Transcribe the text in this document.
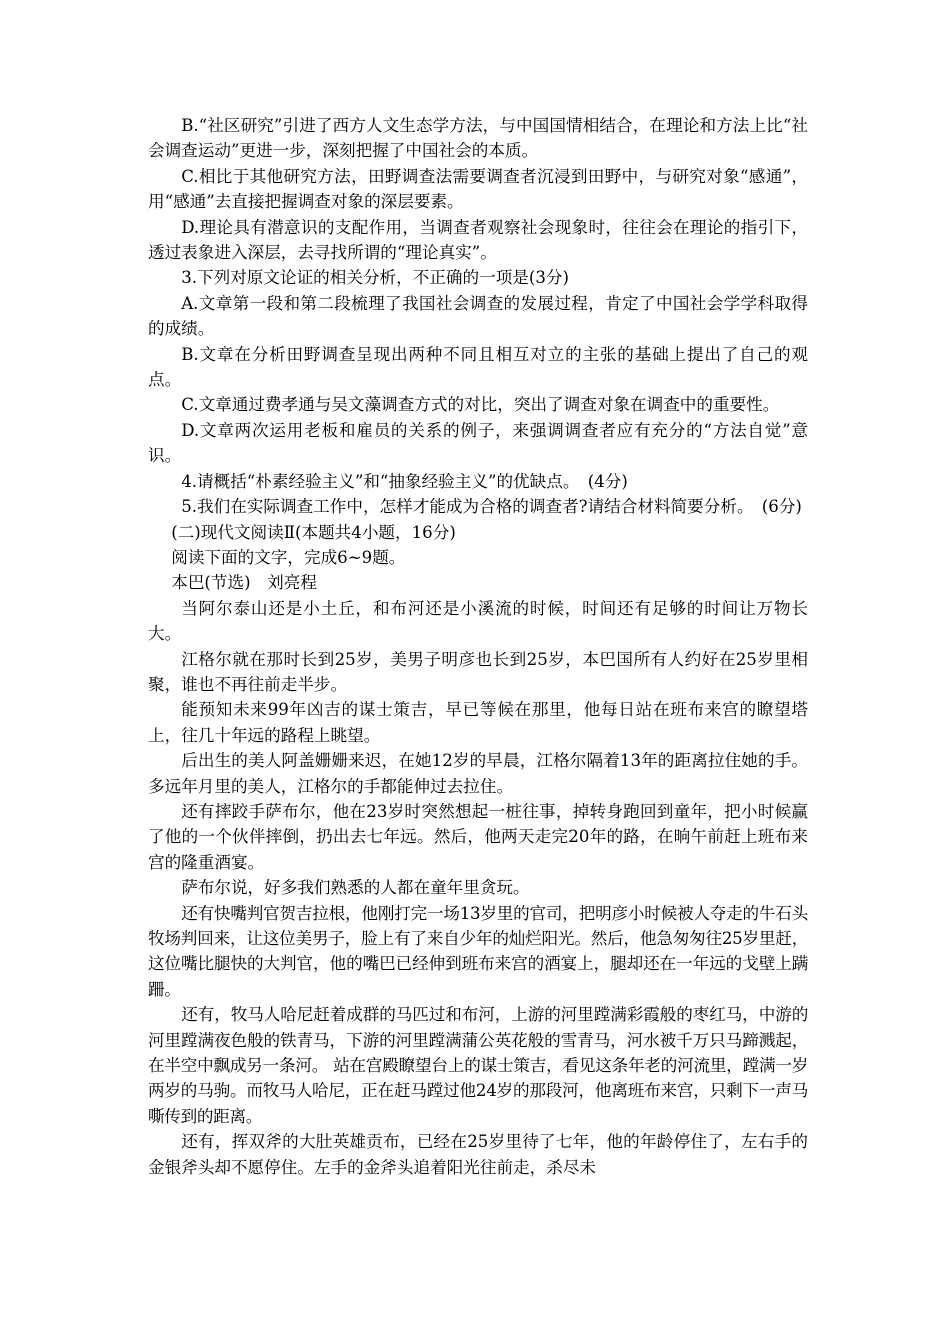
B.“社区研究”引进了西方人文生态学方法，与中国国情相结合，在理论和方法上比“社会调查运动”更进一步，深刻把握了中国社会的本质。

C.相比于其他研究方法，田野调查法需要调查者沉浸到田野中，与研究对象“感通”，用“感通”去直接把握调查对象的深层要素。

D.理论具有潜意识的支配作用，当调查者观察社会现象时，往往会在理论的指引下，透过表象进入深层，去寻找所谓的“理论真实”。

3.下列对原文论证的相关分析，不正确的一项是(3分)

A.文章第一段和第二段梳理了我国社会调查的发展过程，肯定了中国社会学学科取得的成绩。

B.文章在分析田野调查呈现出两种不同且相互对立的主张的基础上提出了自己的观点。

C.文章通过费孝通与吴文藻调查方式的对比，突出了调查对象在调查中的重要性。

D.文章两次运用老板和雇员的关系的例子，来强调调查者应有充分的“方法自觉”意识。

4.请概括“朴素经验主义”和“抽象经验主义”的优缺点。　(4分)

5.我们在实际调查工作中，怎样才能成为合格的调查者?请结合材料简要分析。　(6分)

(二)现代文阅读Ⅱ(本题共4小题，16分)

阅读下面的文字，完成6~9题。

本巴(节选)　刘亮程

当阿尔泰山还是小土丘，和布河还是小溪流的时候，时间还有足够的时间让万物长大。

江格尔就在那时长到25岁，美男子明彦也长到25岁，本巴国所有人约好在25岁里相聚，谁也不再往前走半步。

能预知未来99年凶吉的谋士策吉，早已等候在那里，他每日站在班布来宫的瞭望塔上，往几十年远的路程上眺望。

后出生的美人阿盖姗姗来迟，在她12岁的早晨，江格尔隔着13年的距离拉住她的手。 多远年月里的美人，江格尔的手都能伸过去拉住。

还有摔跤手萨布尔，他在23岁时突然想起一桩往事，掉转身跑回到童年，把小时候赢了他的一个伙伴摔倒，扔出去七年远。然后，他两天走完20年的路，在晌午前赶上班布来宫的隆重酒宴。

萨布尔说，好多我们熟悉的人都在童年里贪玩。

还有快嘴判官贺吉拉根，他刚打完一场13岁里的官司，把明彦小时候被人夺走的牛石头牧场判回来，让这位美男子，脸上有了来自少年的灿烂阳光。然后，他急匆匆往25岁里赶，这位嘴比腿快的大判官，他的嘴巴已经伸到班布来宫的酒宴上，腿却还在一年远的戈壁上蹒跚。

还有，牧马人哈尼赶着成群的马匹过和布河，上游的河里蹚满彩霞般的枣红马，中游的河里蹚满夜色般的铁青马，下游的河里蹚满蒲公英花般的雪青马，河水被千万只马蹄溅起，在半空中飘成另一条河。 站在宫殿瞭望台上的谋士策吉，看见这条年老的河流里，蹚满一岁两岁的马驹。而牧马人哈尼，正在赶马蹚过他24岁的那段河，他离班布来宫，只剩下一声马嘶传到的距离。

还有，挥双斧的大肚英雄贡布，已经在25岁里待了七年，他的年龄停住了，左右手的金银斧头却不愿停住。左手的金斧头追着阳光往前走，杀尽未
